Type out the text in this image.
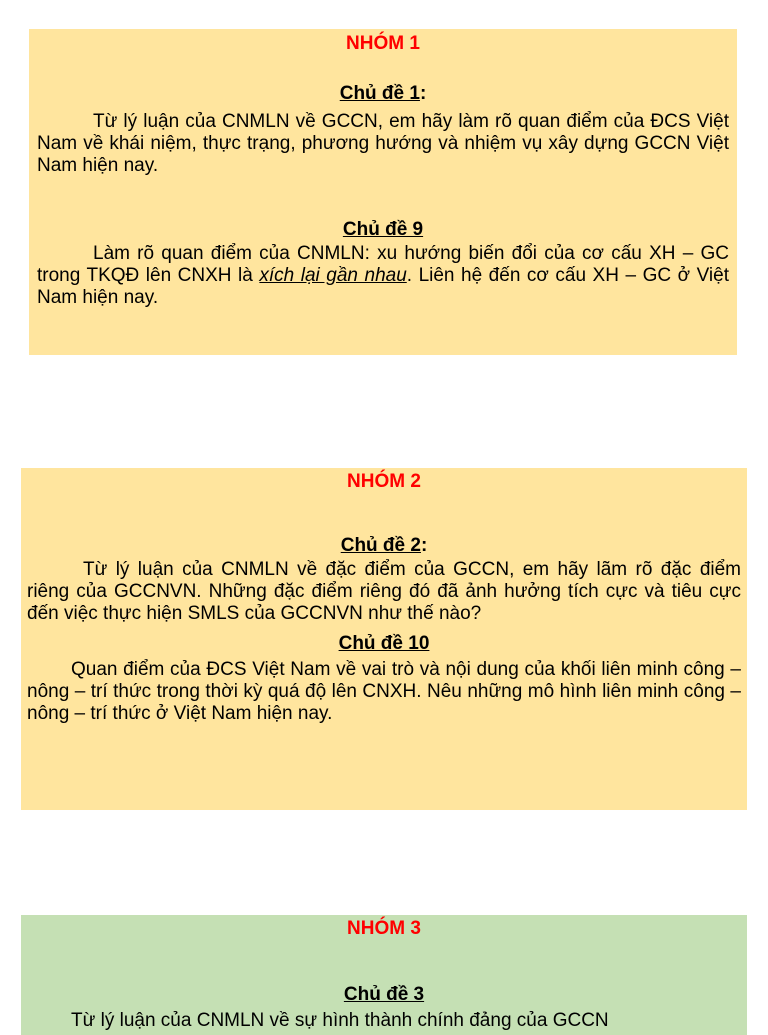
NHÓM 1
Chủ đề 1:

Từ lý luận của CNMLN về GCCN, em hãy làm rõ quan điểm của ĐCS Việt Nam về khái niệm, thực trạng, phương hướng và nhiệm vụ xây dựng GCCN Việt Nam hiện nay.

Chủ đề 9

Làm rõ quan điểm của CNMLN: xu hướng biến đổi của cơ cấu XH – GC trong TKQĐ lên CNXH là xích lại gần nhau. Liên hệ đến cơ cấu XH – GC ở Việt Nam hiện nay.

NHÓM 2
Chủ đề 2:

Từ lý luận của CNMLN về đặc điểm của GCCN, em hãy lãm rõ đặc điểm riêng của GCCNVN. Những đặc điểm riêng đó đã ảnh hưởng tích cực và tiêu cực đến việc thực hiện SMLS của GCCNVN như thế nào?

Chủ đề 10

Quan điểm của ĐCS Việt Nam về vai trò và nội dung của khối liên minh công – nông – trí thức trong thời kỳ quá độ lên CNXH. Nêu những mô hình liên minh công – nông – trí thức ở Việt Nam hiện nay.

NHÓM 3
Chủ đề 3

Từ lý luận của CNMLN về sự hình thành chính đảng của GCCN
